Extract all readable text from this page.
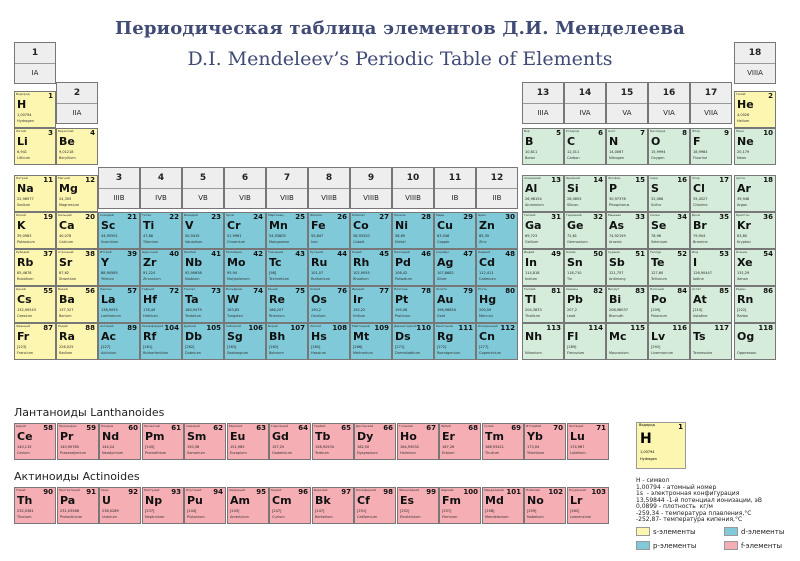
Периодическая таблица элементов Д.И. Менделеева
D.I. Mendeleev’s Periodic Table of Elements
1
IA
2
IIA
3
IIIB
4
IVB
5
VB
6
VIB
7
VIIB
8
VIIIB
9
VIIIB
10
VIIIB
11
IB
12
IIB
13
IIIA
14
IVA
15
VA
16
VIA
17
VIIA
18
VIIIA
Водород	1
H
1,00794
Hydrogen
Гелий	2
He
4,0026
Helium
Литий	3
Li
6,941
Lithium
Бериллий 4
Be
9,01218
Beryllium
Бор	5
B
10,811
Boron
Углерод	6
C
12,011
Carbon
Азот	7
N
14,0067
Nitrogen
Кислород 8
O
15,9994
Oxygen
Фтор	9
F
18,9984
Fluorine
Неон	10
Ne
20,179
Neon
Натрий 11
Na
22,98977
Sodium
Магний 12
Mg
24,305
Magnesium
Алюминий 13
Al
26,98154
Aluminium
Кремний 14
Si
28,0855
Silicon
Фосфор 15
P
30,97376
Phosphorus
Сера	16
S
32,066
Sulfur
Хлор	17
Cl
35,4527
Chlorine
Аргон	18
Ar
39,948
Argon
Калий 19
K
39,0983
Potassium
Кальций 20
Ca
40,078
Calcium
Скандий 21
Sc
44,95591
Scandium
Титан	22
Ti
47,88
Titanium
Ванадий 23
V
50,9415
Vanadium
Хром	24
Cr
51,9961
Chromium
Марганец 25
Mn
54,93805
Manganese
Железо 26
Fe
55,847
Iron
Кобальт 27
Co
58,93320
Cobalt
Никель 28
Ni
58,69
Nickel
Медь	29
Cu
63,546
Copper
Цинк	30
Zn
65,39
Zinc
Галлий 31
Ga
69,723
Gallium
Германий 32
Ge
72,61
Germanium
Мышьяк 33
As
74,92159
Arsenic
Селен	34
Se
78,96
Selenium
Бром	35
Br
79,904
Bromine
Криптон 36
Kr
83,80
Krypton
Рубидий 37
Rb
85,4678
Rubidium
Стронций 38
Sr
87,62
Strontium
Иттрий 39
Y
88,90585
Yttrium
Цирконий 40
Zr
91,224
Zirconium
Ниобий 41
Nb
92,90638
Niobium
Молибден 42
Mo
95,94
Molybdenum
Технеций 43
Tc
[98]
Technetium
Рутений 44
Ru
101,07
Ruthenium
Родий	45
Rh
102,9055
Rhodium
Палладий 46
Pd
106,42
Palladium
Серебро 47
Ag
107,8682
Silver
Кадмий 48
Cd
112,411
Cadmium
Индий 49
In
114,818
Indium
Олово	50
Sn
118,710
Tin
Сурьма 51
Sb
121,757
Antimony
Теллур 52
Te
127,60
Tellurium
Иод	53
I
126,90447
Iodine
Ксенон 54
Xe
131,29
Xenon
Цезий	55
Cs
132,90543
Caesium
Барий	56
Ba
137,327
Barium
Лантан 57
La
138,9055
Lanthanum
Гафний 72
Hf
178,49
Hafnium
Тантал 73
Ta
180,9479
Tantalum
Вольфрам 74
W
183,85
Tungsten
Рений	75
Re
186,207
Rhenium
Осмий 76
Os
190,2
Osmium
Иридий 77
Ir
192,22
Iridium
Платина 78
Pt
195,08
Platinum
Золото 79
Au
196,96654
Gold
Ртуть	80
Hg
200,59
Mercury
Таллий 81
Tl
204,3833
Thallium
Свинец 82
Pb
207,2
Lead
Висмут 83
Bi
208,98037
Bismuth
Полоний 84
Po
[209]
Polonium
Астат	85
At
[210]
Astatine
Радон	86
Rn
[222]
Radon
Франций 87
Fr
[223]
Francium
Радий	88
Ra
226,025
Radium
Актиний 89
Ac
[227]
Actinium
Резерфордий 104
Rf
[261]
Rutherfordium
Дубний 105
Db
[262]
Dubnium
Сиборгий 106
Sg
[263]
Seaborgium
Борий 107
Bh
[262]
Bohrium
Хассий 108
Hs
[265]
Hassium
Мейтнерий 109
Mt
[266]
Meitnerium
Дармштадтий 110
Ds
[271]
Darmstadtium
Рентгений 111
Rg
[272]
Roentgenium
Коперниций 112
Cn
[277]
Copernicium
113
Nh
Nihonium
114
Fl
[289]
Flerovium
115
Mc
Moscovium
116
Lv
[292]
Livermorium
117
Ts
Tennessine
118
Og
Oganesson
Церий 58
Ce
140,115
Cerium
Празеодим 59
Pr
140,90765
Praseodymium
Неодим 60
Nd
144,24
Neodymium
Прометий 61
Pm
[145]
Promethium
Самарий 62
Sm
150,36
Samarium
Европий 63
Eu
151,965
Europium
Гадолиний 64
Gd
157,25
Gadolinium
Тербий 65
Tb
158,92534
Terbium
Диспрозий 66
Dy
162,50
Dysprosium
Гольмий 67
Ho
164,93032
Holmium
Эрбий	68
Er
167,26
Erbium
Тулий	69
Tm
168,93421
Thulium
Иттербий 70
Yb
173,04
Ytterbium
Лютеций 71
Lu
174,967
Lutetium
Торий	90
Th
232,0381
Thorium
Протактиний 91
Pa
231,03588
Protactinium
Уран	92
U
238,0289
Uranium
Нептуний 93
Np
[237]
Neptunium
Плутоний 94
Pu
[244]
Plutonium
Америций 95
Am
[243]
Americium
Кюрий 96
Cm
[247]
Curium
Берклий 97
Bk
[247]
Berkelium
Калифорний 98
Cf
[251]
Californium
Эйнштейний 99
Es
[252]
Einsteinium
Фермий 100
Fm
[257]
Fermium
Менделевий 101
Md
[258]
Mendelevium
Нобелий 102
No
[259]
Nobelium
Лоуренсий 103
Lr
[262]
Lawrencium
Лантаноиды Lanthanoides
Актиноиды Actinoides
Водород	1
H
1,00794
Hydrogen
H - символ
1,00794 - атомный номер
1s  - электронная конфигурация
13,59844 -1-й потенциал ионизации, эВ
0,0899 - плотность  кг/м
-259,34 - температура плавления,°С
-252,87- температура кипения,°С
s-элементы	d-элементы
p-элементы	f-элементы
